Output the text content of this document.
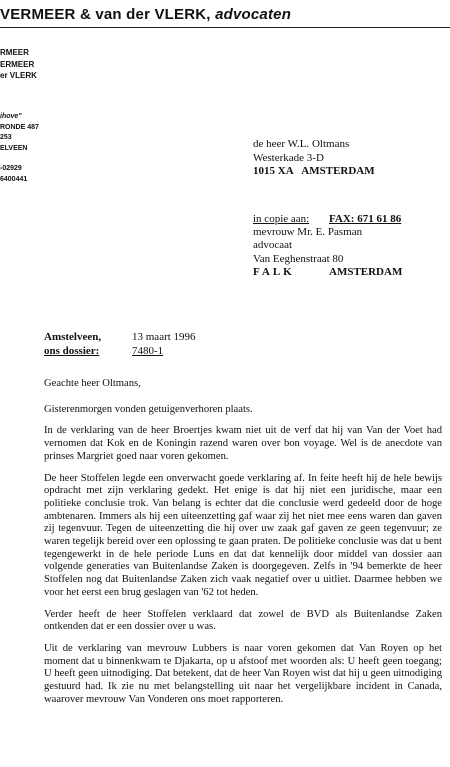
VERMEER & van der VLERK, advocaten
RMEER
ERMEER
er VLERK
ihove"
RONDE 487
253
ELVEEN
-02929
6400441
de heer W.L. Oltmans
Westerkade 3-D
1015 XA AMSTERDAM
in copie aan: FAX: 671 61 86
mevrouw Mr. E. Pasman
advocaat
Van Eeghenstraat 80
FALK	AMSTERDAM
Amstelveen,	13 maart 1996
ons dossier:	7480-1

Geachte heer Oltmans,

Gisterenmorgen vonden getuigenverhoren plaats.

In de verklaring van de heer Broertjes kwam niet uit de verf dat hij van Van der Voet had vernomen dat Kok en de Koningin razend waren over bon voyage. Wel is de anecdote van prinses Margriet goed naar voren gekomen.

De heer Stoffelen legde een onverwacht goede verklaring af. In feite heeft hij de hele bewijs opdracht met zijn verklaring gedekt. Het enige is dat hij niet een juridische, maar een politieke conclusie trok. Van belang is echter dat die conclusie werd gedeeld door de hoge ambtenaren. Immers als hij een uiteenzetting gaf waar zij het niet mee eens waren dan gaven zij tegenvuur. Tegen de uiteenzetting die hij over uw zaak gaf gaven ze geen tegenvuur; ze waren tegelijk bereid over een oplossing te gaan praten. De politieke conclusie was dat u bent tegengewerkt in de hele periode Luns en dat dat kennelijk door middel van dossier aan volgende generaties van Buitenlandse Zaken is doorgegeven. Zelfs in '94 bemerkte de heer Stoffelen nog dat Buitenlandse Zaken zich vaak negatief over u uitliet. Daarmee hebben we voor het eerst een brug geslagen van '62 tot heden.

Verder heeft de heer Stoffelen verklaard dat zowel de BVD als Buitenlandse Zaken ontkenden dat er een dossier over u was.

Uit de verklaring van mevrouw Lubbers is naar voren gekomen dat Van Royen op het moment dat u binnenkwam te Djakarta, op u afstoof met woorden als: U heeft geen toegang; U heeft geen uitnodiging. Dat betekent, dat de heer Van Royen wist dat hij u geen uitnodiging gestuurd had. Ik zie nu met belangstelling uit naar het vergelijkbare incident in Canada, waarover mevrouw Van Vonderen ons moet rapporteren.
